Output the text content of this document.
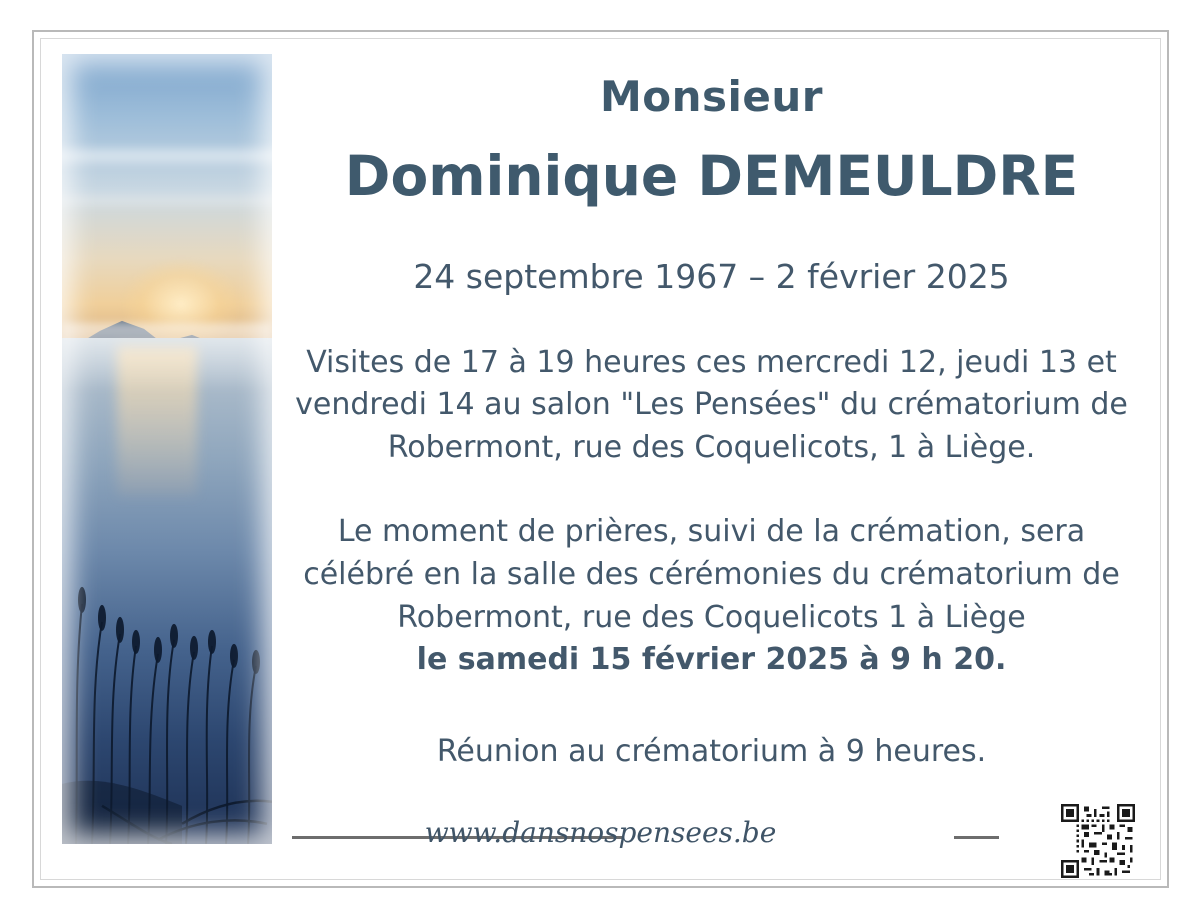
Monsieur
Dominique DEMEULDRE
24 septembre 1967 – 2 février 2025

Visites de 17 à 19 heures ces mercredi 12, jeudi 13 et vendredi 14 au salon "Les Pensées" du crématorium de Robermont, rue des Coquelicots, 1 à Liège.

Le moment de prières, suivi de la crémation, sera célébré en la salle des cérémonies du crématorium de Robermont, rue des Coquelicots 1 à Liège
le samedi 15 février 2025 à 9 h 20.

Réunion au crématorium à 9 heures.

www.dansnospensees.be
